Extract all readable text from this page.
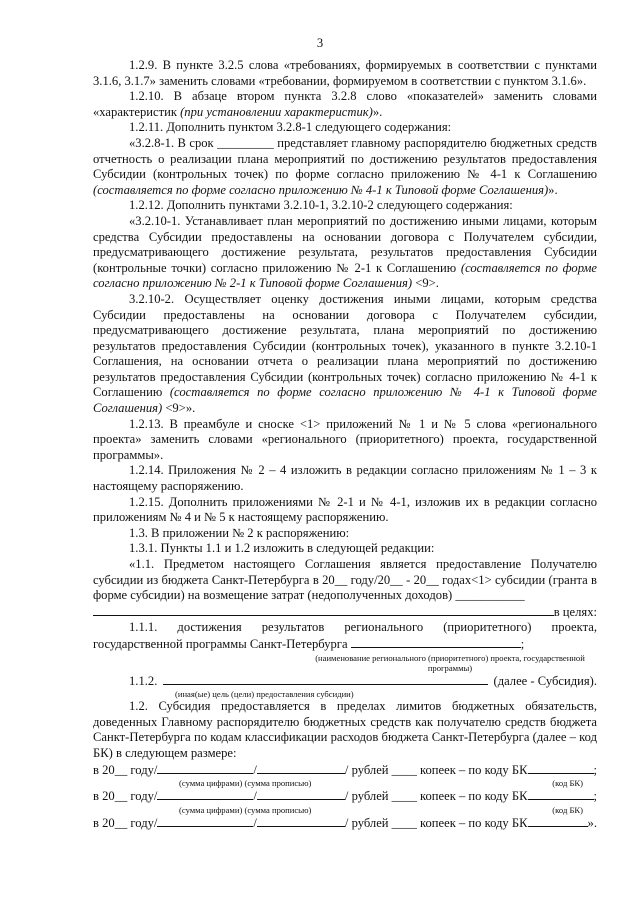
3

1.2.9. В пункте 3.2.5 слова «требованиях, формируемых в соответствии с пунктами 3.1.6, 3.1.7» заменить словами «требовании, формируемом в соответствии с пунктом 3.1.6».

1.2.10. В абзаце втором пункта 3.2.8 слово «показателей» заменить словами «характеристик (при установлении характеристик)».

1.2.11. Дополнить пунктом 3.2.8-1 следующего содержания:

«3.2.8-1. В срок _________ представляет главному распорядителю бюджетных средств отчетность о реализации плана мероприятий по достижению результатов предоставления Субсидии (контрольных точек) по форме согласно приложению № 4-1 к Соглашению (составляется по форме согласно приложению № 4-1 к Типовой форме Соглашения)».

1.2.12. Дополнить пунктами 3.2.10-1, 3.2.10-2 следующего содержания:

«3.2.10-1. Устанавливает план мероприятий по достижению иными лицами, которым средства Субсидии предоставлены на основании договора с Получателем субсидии, предусматривающего достижение результата, результатов предоставления Субсидии (контрольные точки) согласно приложению № 2-1 к Соглашению (составляется по форме согласно приложению № 2-1 к Типовой форме Соглашения) <9>.

3.2.10-2. Осуществляет оценку достижения иными лицами, которым средства Субсидии предоставлены на основании договора с Получателем субсидии, предусматривающего достижение результата, плана мероприятий по достижению результатов предоставления Субсидии (контрольных точек), указанного в пункте 3.2.10-1 Соглашения, на основании отчета о реализации плана мероприятий по достижению результатов предоставления Субсидии (контрольных точек) согласно приложению № 4-1 к Соглашению (составляется по форме согласно приложению № 4-1 к Типовой форме Соглашения) <9>».

1.2.13. В преамбуле и сноске <1> приложений № 1 и № 5 слова «регионального проекта» заменить словами «регионального (приоритетного) проекта, государственной программы».

1.2.14. Приложения № 2 – 4 изложить в редакции согласно приложениям № 1 – 3 к настоящему распоряжению.

1.2.15. Дополнить приложениями № 2-1 и № 4-1, изложив их в редакции согласно приложениям № 4 и № 5 к настоящему распоряжению.

1.3. В приложении № 2 к распоряжению:

1.3.1. Пункты 1.1 и 1.2 изложить в следующей редакции:

«1.1. Предметом настоящего Соглашения является предоставление Получателю субсидии из бюджета Санкт-Петербурга в 20__ году/20__ - 20__ годах<1> субсидии (гранта в форме субсидии) на возмещение затрат (недополученных доходов) ___________

в целях:

1.1.1. достижения результатов регионального (приоритетного) проекта, государственной программы Санкт-Петербурга	;

(наименование регионального (приоритетного) проекта, государственной программы)
1.1.2.	(далее - Субсидия).
(иная(ые) цель (цели) предоставления субсидии)

1.2. Субсидия предоставляется в пределах лимитов бюджетных обязательств, доведенных Главному распорядителю бюджетных средств как получателю средств бюджета Санкт-Петербурга по кодам классификации расходов бюджета Санкт-Петербурга (далее – код БК) в следующем размере:

в 20__ году/	/	/ рублей ____ копеек – по коду БК	;
(сумма цифрами) (сумма прописью)	(код БК)
в 20__ году/	/	/ рублей ____ копеек – по коду БК	;
(сумма цифрами) (сумма прописью)	(код БК)
в 20__ году/	/	/ рублей ____ копеек – по коду БК	».
